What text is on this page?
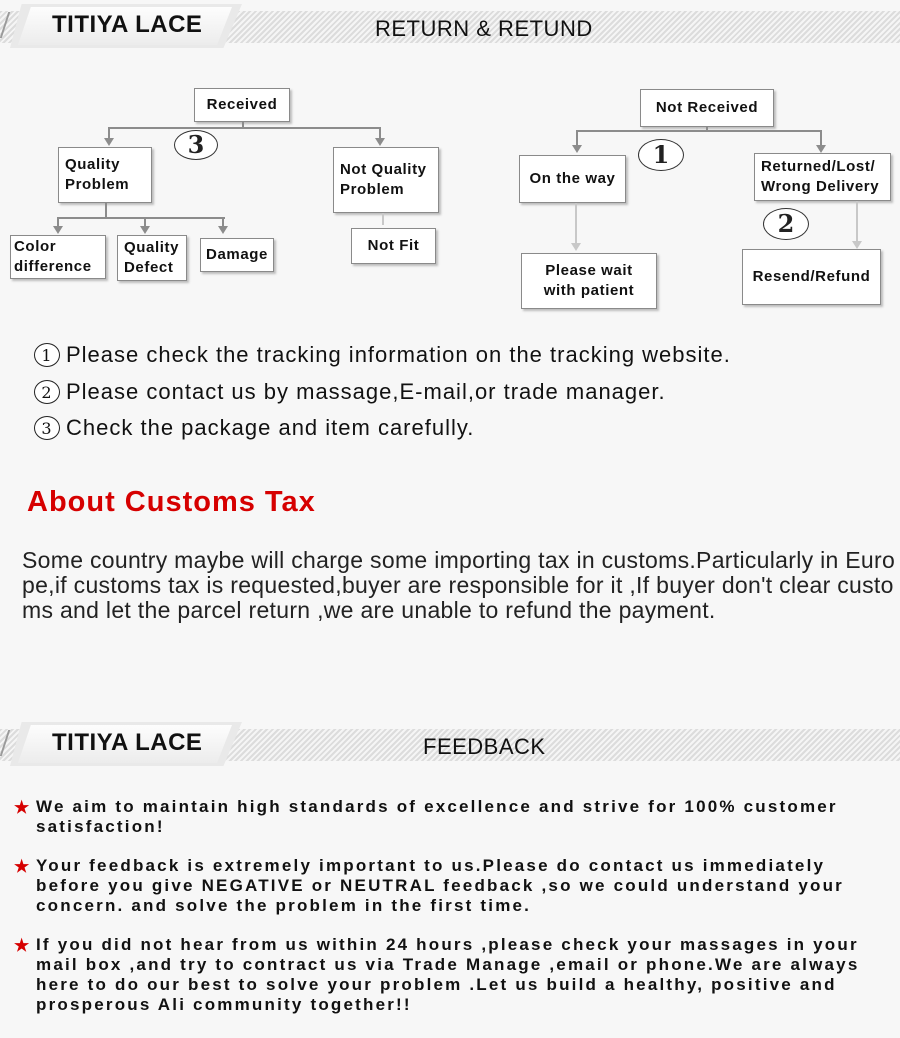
TITIYA LACE	RETURN & RETUND
Received
3
Quality
Problem
Not Quality
Problem
Color
difference
Quality
Defect
Damage
Not Fit
Not Received
1
On the way
Returned/Lost/
Wrong Delivery
2
Please wait
with patient
Resend/Refund
1 Please check the tracking information on the tracking website.
2 Please contact us by massage,E-mail,or trade manager.
3 Check the package and item carefully.
About Customs Tax
Some country maybe will charge some importing tax in customs.Particularly in Europe,if customs tax is requested,buyer are responsible for it ,If buyer don't clear customs and let the parcel return ,we are unable to refund the payment.
TITIYA LACE	FEEDBACK
★ We aim to maintain high standards of excellence and strive for 100% customer satisfaction!
★ Your feedback is extremely important to us.Please do contact us immediately before you give NEGATIVE or NEUTRAL feedback ,so we could understand your concern. and solve the problem in the first time.
★ If you did not hear from us within 24 hours ,please check your massages in your mail box ,and try to contract us via Trade Manage ,email or phone.We are always here to do our best to solve your problem .Let us build a healthy, positive and prosperous Ali community together!!
